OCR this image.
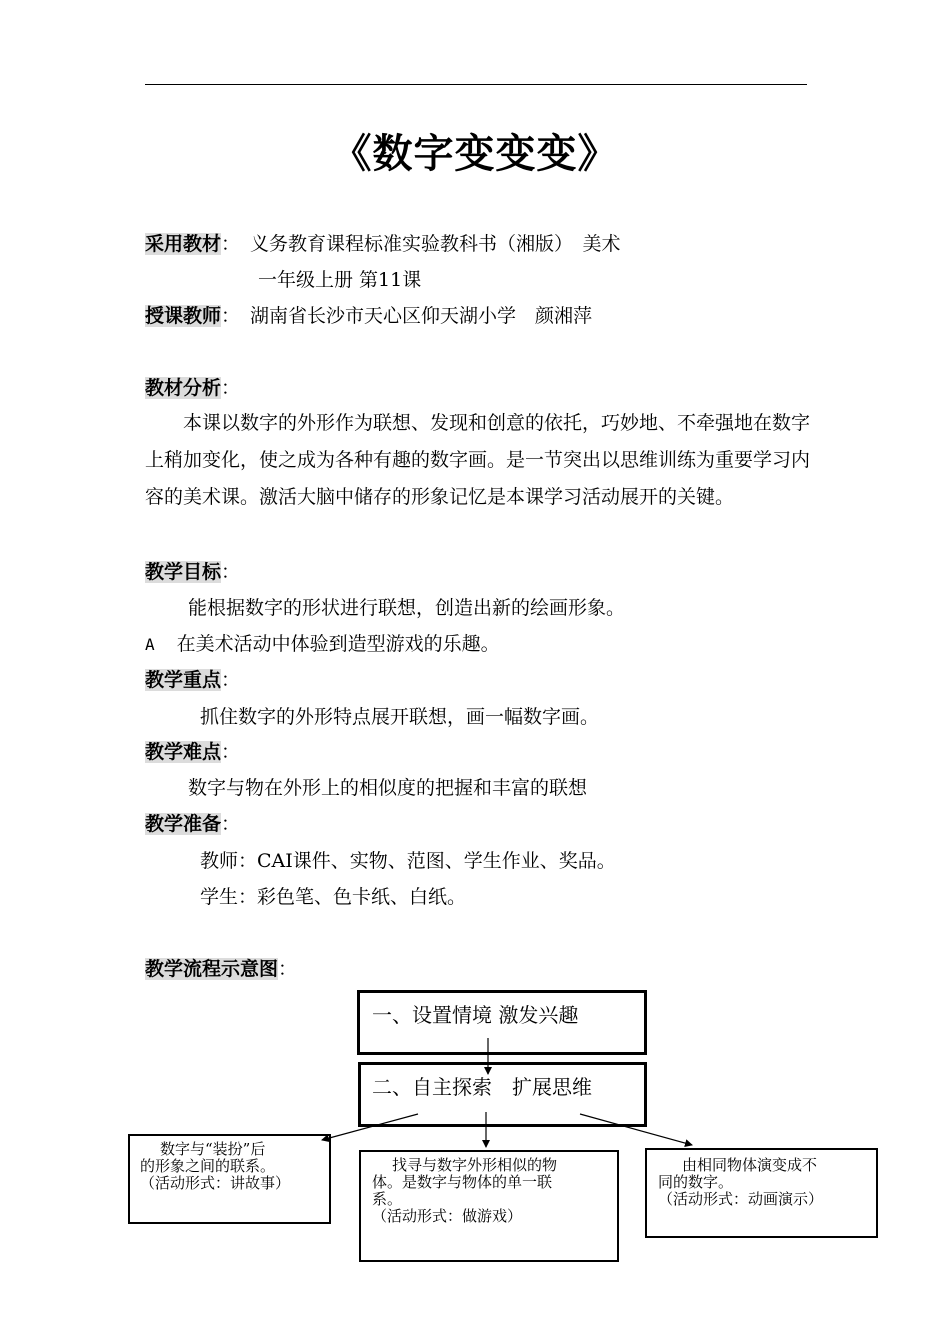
《数字变变变》
采用教材： 义务教育课程标准实验教科书（湘版）　美术
一年级上册 第11课
授课教师： 湖南省长沙市天心区仰天湖小学　颜湘萍
教材分析：

本课以数字的外形作为联想、发现和创意的依托，巧妙地、不牵强地在数字上稍加变化，使之成为各种有趣的数字画。是一节突出以思维训练为重要学习内容的美术课。激活大脑中储存的形象记忆是本课学习活动展开的关键。

教学目标：
能根据数字的形状进行联想，创造出新的绘画形象。
A 在美术活动中体验到造型游戏的乐趣。
教学重点：
抓住数字的外形特点展开联想，画一幅数字画。
教学难点：
数字与物在外形上的相似度的把握和丰富的联想
教学准备：
教师：CAI课件、实物、范图、学生作业、奖品。
学生：彩色笔、色卡纸、白纸。
教学流程示意图：
一、设置情境 激发兴趣
二、自主探索　扩展思维
数字与“装扮”后
的形象之间的联系。
（活动形式：讲故事）
找寻与数字外形相似的物
体。是数字与物体的单一联
系。
（活动形式：做游戏）
由相同物体演变成不
同的数字。
（活动形式：动画演示）
